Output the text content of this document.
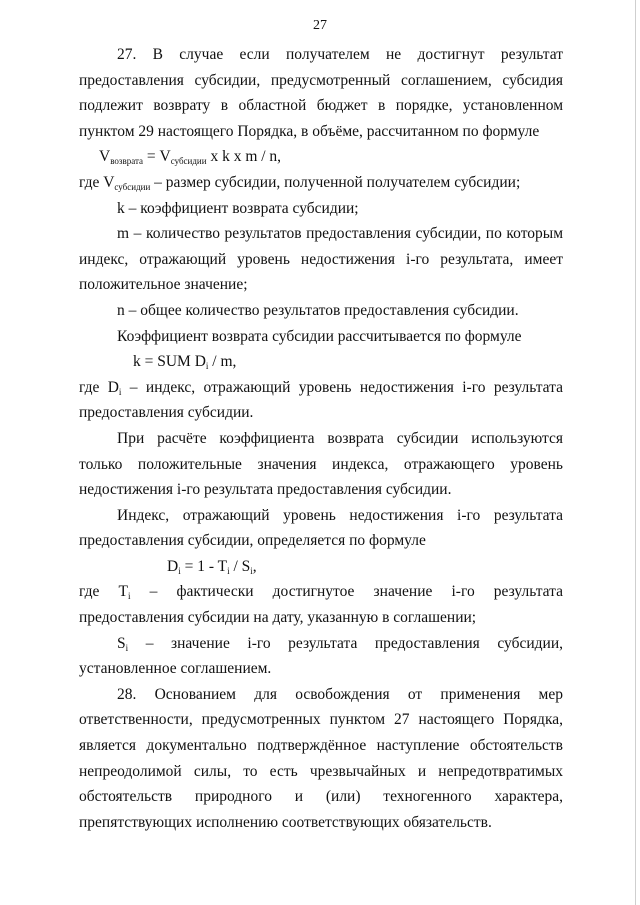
27

27. В случае если получателем не достигнут результат предоставления субсидии, предусмотренный соглашением, субсидия подлежит возврату в областной бюджет в порядке, установленном пунктом 29 настоящего Порядка, в объёме, рассчитанном по формуле

$V_{возврата} = V_{субсидии}$ x k x m / n,

где $V_{субсидии}$ – размер субсидии, полученной получателем субсидии;

k – коэффициент возврата субсидии;

m – количество результатов предоставления субсидии, по которым индекс, отражающий уровень недостижения i-го результата, имеет положительное значение;

n – общее количество результатов предоставления субсидии.

Коэффициент возврата субсидии рассчитывается по формуле

k = SUM $D_i$ / m,

где $D_i$ – индекс, отражающий уровень недостижения i-го результата предоставления субсидии.

При расчёте коэффициента возврата субсидии используются только положительные значения индекса, отражающего уровень недостижения i-го результата предоставления субсидии.

Индекс, отражающий уровень недостижения i-го результата предоставления субсидии, определяется по формуле

$D_i = 1 - T_i / S_i$,

где $T_i$ – фактически достигнутое значение i-го результата предоставления субсидии на дату, указанную в соглашении;

$S_i$ – значение i-го результата предоставления субсидии, установленное соглашением.

28. Основанием для освобождения от применения мер ответственности, предусмотренных пунктом 27 настоящего Порядка, является документально подтверждённое наступление обстоятельств непреодолимой силы, то есть чрезвычайных и непредотвратимых обстоятельств природного и (или) техногенного характера, препятствующих исполнению соответствующих обязательств.
